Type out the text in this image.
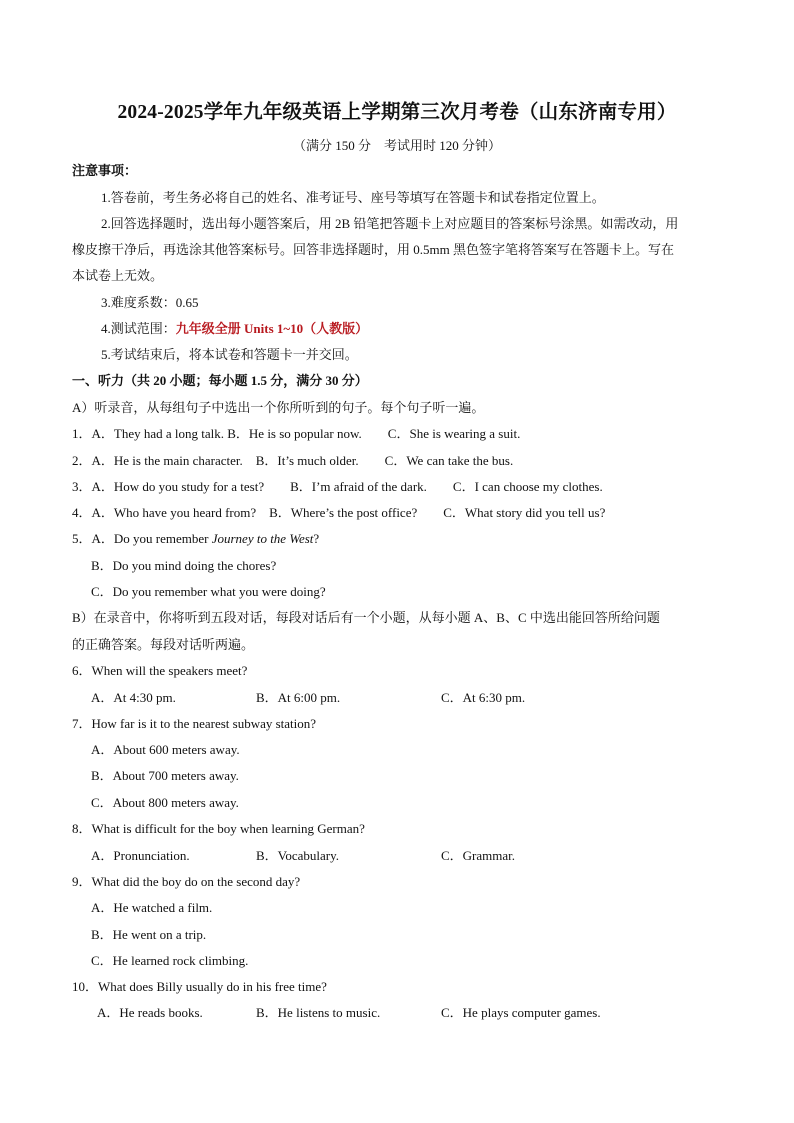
2024-2025学年九年级英语上学期第三次月考卷（山东济南专用）
（满分 150 分　考试用时 120 分钟）
注意事项：
1.答卷前，考生务必将自己的姓名、准考证号、座号等填写在答题卡和试卷指定位置上。
2.回答选择题时，选出每小题答案后，用 2B 铅笔把答题卡上对应题目的答案标号涂黑。如需改动，用
橡皮擦干净后，再选涂其他答案标号。回答非选择题时，用 0.5mm 黑色签字笔将答案写在答题卡上。写在
本试卷上无效。
3.难度系数：0.65
4.测试范围：九年级全册 Units 1~10（人教版）
5.考试结束后，将本试卷和答题卡一并交回。
一、听力（共 20 小题；每小题 1.5 分，满分 30 分）
A）听录音，从每组句子中选出一个你所听到的句子。每个句子听一遍。
1．A．They had a long talk. B．He is so popular now.　　C．She is wearing a suit.
2．A．He is the main character.　B．It’s much older.　　C．We can take the bus.
3．A．How do you study for a test?　　B．I’m afraid of the dark.　　C．I can choose my clothes.
4．A．Who have you heard from?　B．Where’s the post office?　　C．What story did you tell us?
5．A．Do you remember Journey to the West?
B．Do you mind doing the chores?
C．Do you remember what you were doing?
B）在录音中，你将听到五段对话，每段对话后有一个小题，从每小题 A、B、C 中选出能回答所给问题
的正确答案。每段对话听两遍。
6．When will the speakers meet?
A．At 4:30 pm.	B．At 6:00 pm.	C．At 6:30 pm.
7．How far is it to the nearest subway station?
A．About 600 meters away.
B．About 700 meters away.
C．About 800 meters away.
8．What is difficult for the boy when learning German?
A．Pronunciation.	B．Vocabulary.	C．Grammar.
9．What did the boy do on the second day?
A．He watched a film.
B．He went on a trip.
C．He learned rock climbing.
10．What does Billy usually do in his free time?
A．He reads books.	B．He listens to music.	C．He plays computer games.
